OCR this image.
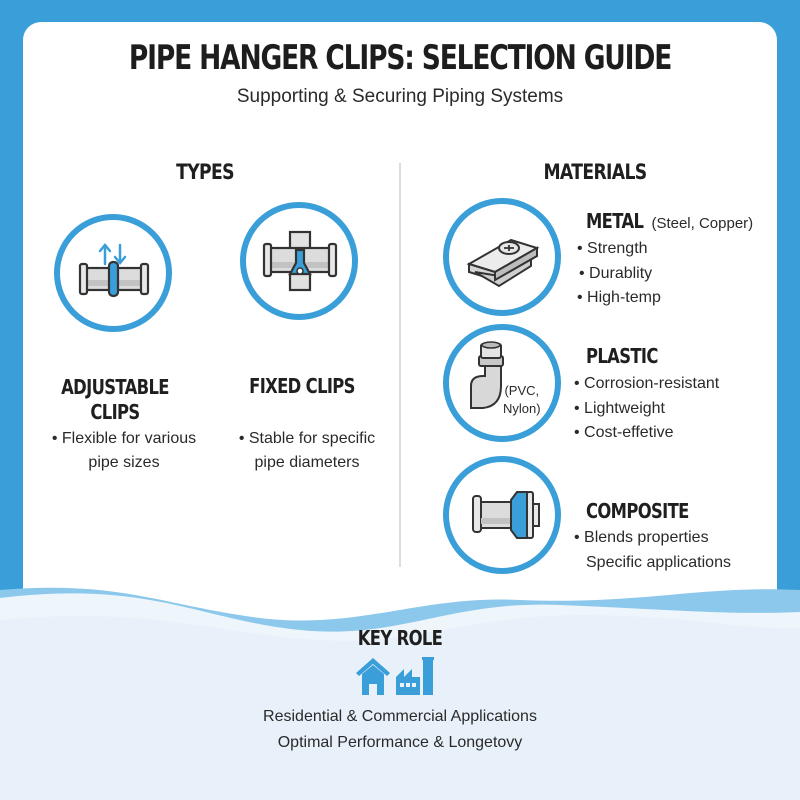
PIPE HANGER CLIPS: SELECTION GUIDE
Supporting & Securing Piping Systems
TYPES
ADJUSTABLE
CLIPS
• Flexible for various
pipe sizes
FIXED CLIPS
• Stable for specific
pipe diameters
MATERIALS
METAL (Steel, Copper)
• Strength
• Durablity
• High-temp
(PVC,
Nylon)
PLASTIC
• Corrosion-resistant
• Lightweight
• Cost-effetive
COMPOSITE
• Blends properties
Specific applications
KEY ROLE
Residential & Commercial Applications
Optimal Performance & Longetovy
